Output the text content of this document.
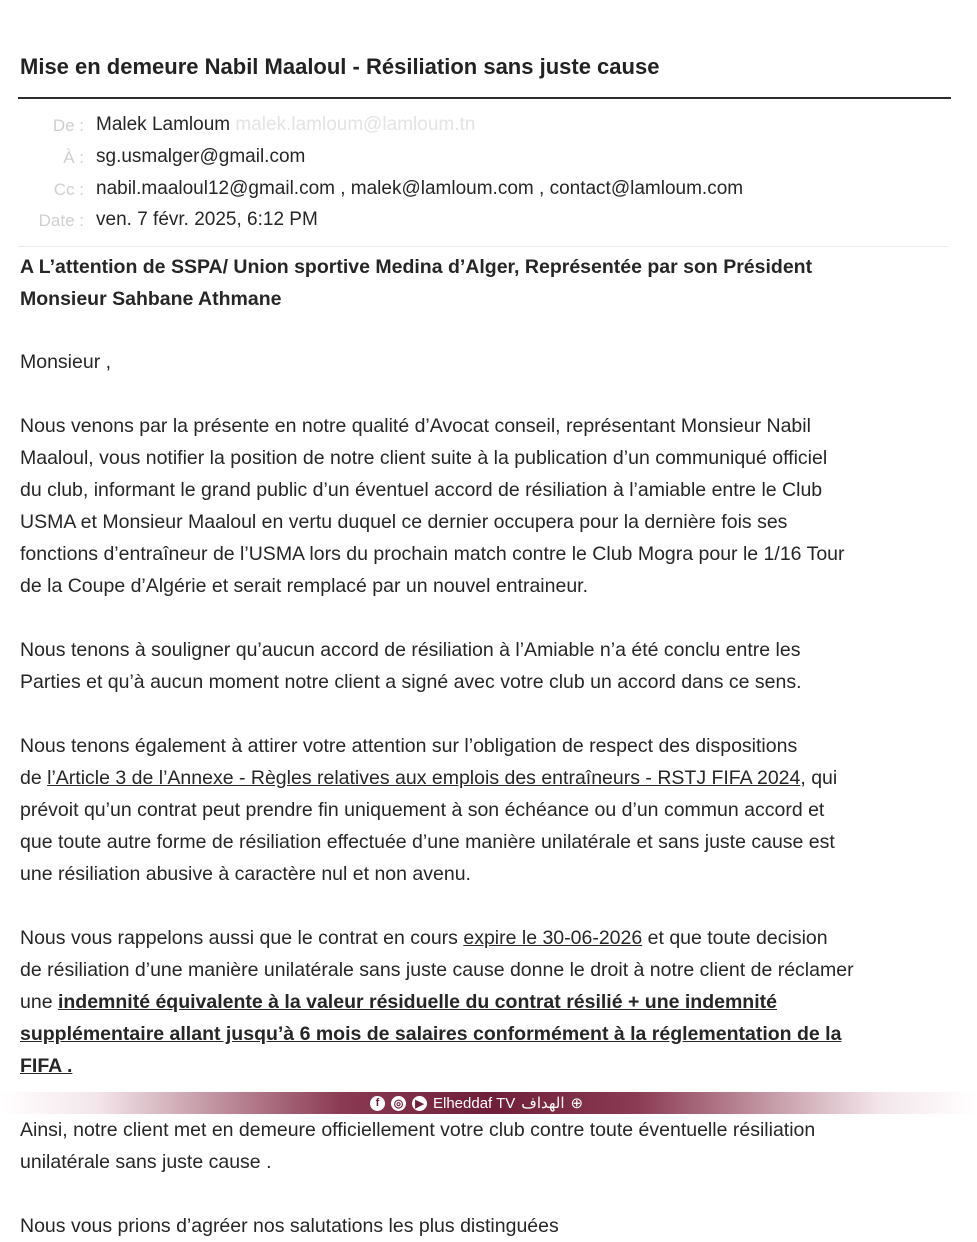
Mise en demeure Nabil Maaloul - Résiliation sans juste cause
De : Malek Lamloum malek.lamloum@lamloum.tn
À : sg.usmalger@gmail.com
Cc : nabil.maaloul12@gmail.com , malek@lamloum.com , contact@lamloum.com
Date : ven. 7 févr. 2025, 6:12 PM
A L’attention de SSPA/ Union sportive Medina d’Alger, Représentée par son Président
Monsieur Sahbane Athmane
Monsieur ,
Nous venons par la présente en notre qualité d’Avocat conseil, représentant Monsieur Nabil
Maaloul, vous notifier la position de notre client suite à la publication d’un communiqué officiel
du club, informant le grand public d’un éventuel accord de résiliation à l’amiable entre le Club
USMA et Monsieur Maaloul en vertu duquel ce dernier occupera pour la dernière fois ses
fonctions d’entraîneur de l’USMA lors du prochain match contre le Club Mogra pour le 1/16 Tour
de la Coupe d’Algérie et serait remplacé par un nouvel entraineur.
Nous tenons à souligner qu’aucun accord de résiliation à l’Amiable n’a été conclu entre les
Parties et qu’à aucun moment notre client a signé avec votre club un accord dans ce sens.
Nous tenons également à attirer votre attention sur l’obligation de respect des dispositions
de l’Article 3 de l’Annexe - Règles relatives aux emplois des entraîneurs - RSTJ FIFA 2024, qui
prévoit qu’un contrat peut prendre fin uniquement à son échéance ou d’un commun accord et
que toute autre forme de résiliation effectuée d’une manière unilatérale et sans juste cause est
une résiliation abusive à caractère nul et non avenu.
Nous vous rappelons aussi que le contrat en cours expire le 30-06-2026 et que toute decision
de résiliation d’une manière unilatérale sans juste cause donne le droit à notre client de réclamer
une indemnité équivalente à la valeur résiduelle du contrat résilié + une indemnité
supplémentaire allant jusqu’à 6 mois de salaires conformément à la réglementation de la
FIFA .
f	◎ ▶ Elheddaf TV الهداف ⊕
Ainsi, notre client met en demeure officiellement votre club contre toute éventuelle résiliation
unilatérale sans juste cause .
Nous vous prions d’agréer nos salutations les plus distinguées
